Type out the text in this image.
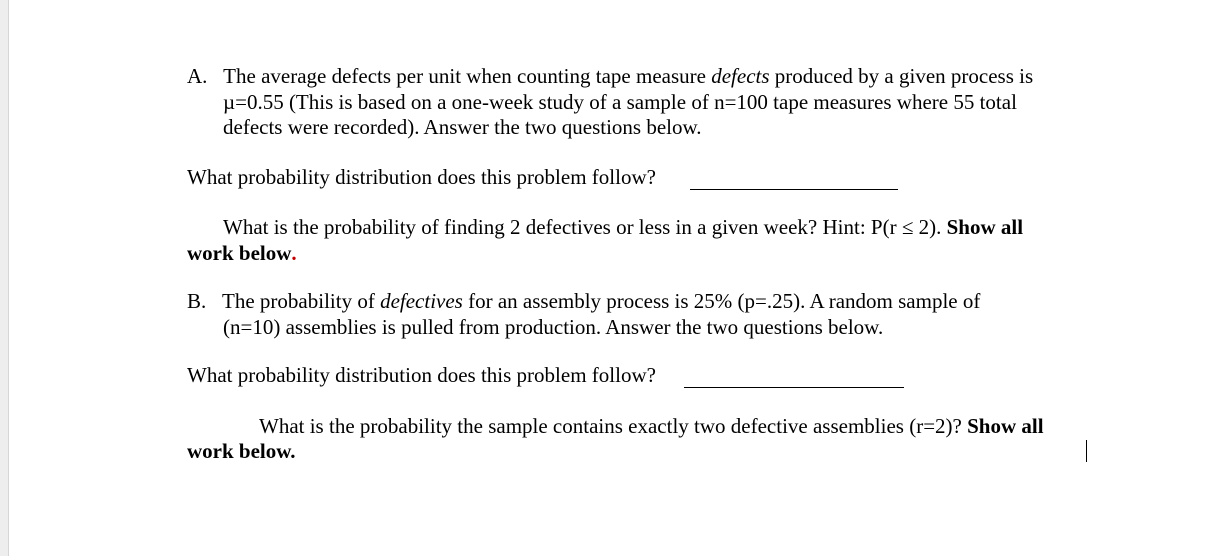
A. The average defects per unit when counting tape measure defects produced by a given process is
µ=0.55 (This is based on a one-week study of a sample of n=100 tape measures where 55 total
defects were recorded). Answer the two questions below.
What probability distribution does this problem follow?
What is the probability of finding 2 defectives or less in a given week? Hint: P(r ≤ 2). Show all
work below.
B. The probability of defectives for an assembly process is 25% (p=.25). A random sample of
(n=10) assemblies is pulled from production. Answer the two questions below.
What probability distribution does this problem follow?
What is the probability the sample contains exactly two defective assemblies (r=2)? Show all
work below.
